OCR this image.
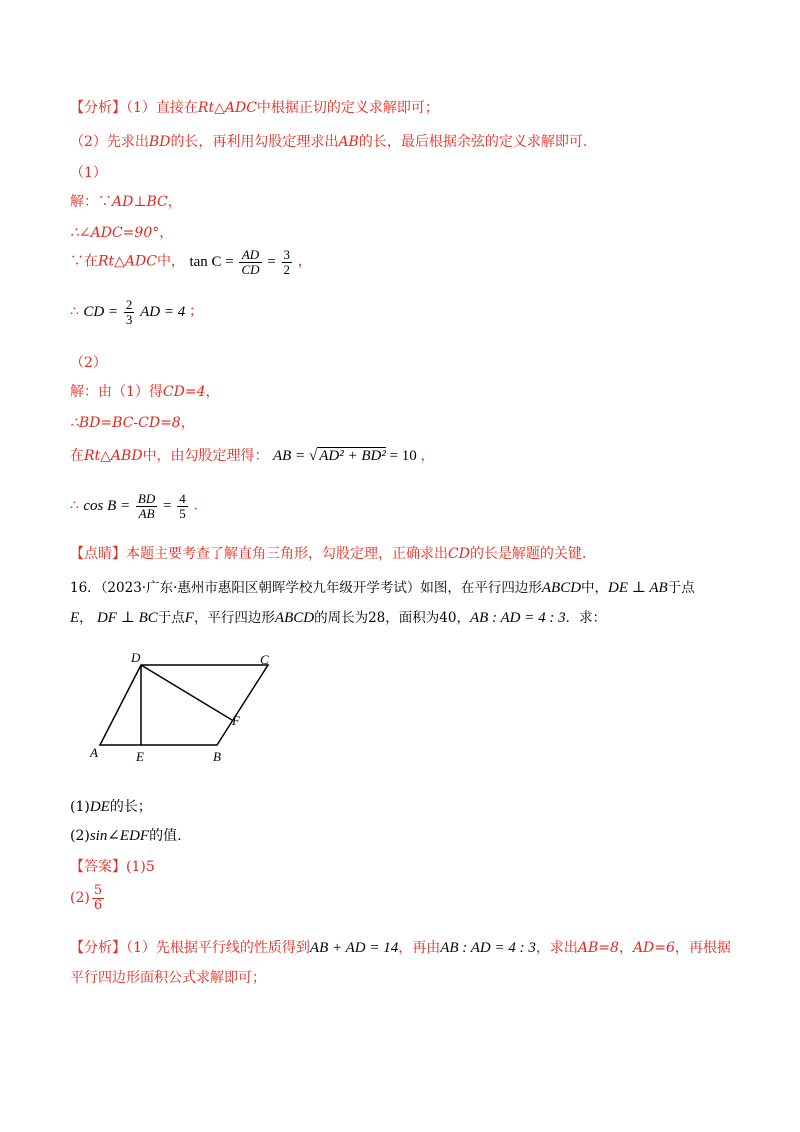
【分析】（1）直接在Rt△ADC中根据正切的定义求解即可；
（2）先求出BD的长，再利用勾股定理求出AB的长，最后根据余弦的定义求解即可.
（1）
解：∵AD⊥BC，
∴∠ADC=90°，
∵在Rt△ADC中， $\tan C = \frac{AD}{CD} = \frac{3}{2}$ ，
∴ CD = $\frac{2}{3}$ AD = 4 ；
（2）
解：由（1）得CD=4，
∴BD=BC-CD=8，
在Rt△ABD中，由勾股定理得： AB = √ AD² + BD² = 10 ，
∴ $\cos B = \frac{BD}{AB} = \frac{4}{5}$ .
【点睛】本题主要考查了解直角三角形，勾股定理，正确求出CD的长是解题的关键.
16．（2023·广东·惠州市惠阳区朝晖学校九年级开学考试）如图，在平行四边形ABCD中，DE ⊥ AB于点
E， DF ⊥ BC于点F，平行四边形ABCD的周长为28，面积为40，AB : AD = 4 : 3．求：
A	E	B
F
C
D
(1)DE的长；
(2)sin∠EDF的值.
【答案】(1)5
$(2) \frac{5}{6}$
【分析】（1）先根据平行线的性质得到AB + AD = 14，再由AB : AD = 4 : 3，求出AB=8，AD=6，再根据
平行四边形面积公式求解即可；
